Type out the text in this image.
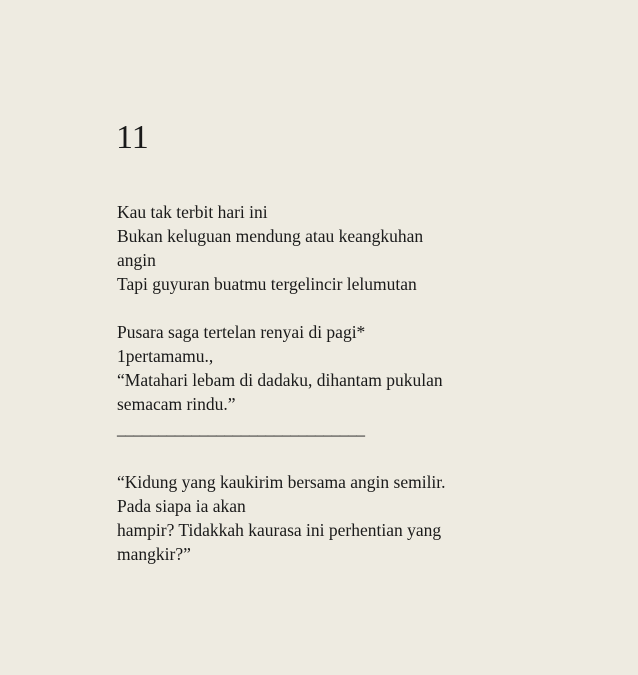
11
Kau tak terbit hari ini
Bukan keluguan mendung atau keangkuhan
angin
Tapi guyuran buatmu tergelincir lelumutan
Pusara saga tertelan renyai di pagi*
1pertamamu.,
“Matahari lebam di dadaku, dihantam pukulan
semacam rindu.”
______________________________
“Kidung yang kaukirim bersama angin semilir.
Pada siapa ia akan
hampir? Tidakkah kaurasa ini perhentian yang
mangkir?”
